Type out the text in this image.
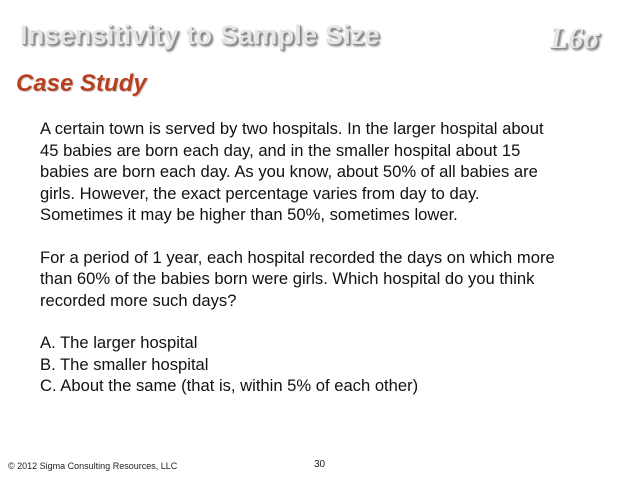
Insensitivity to Sample Size	L6σ
Case Study
A certain town is served by two hospitals. In the larger hospital about
45 babies are born each day, and in the smaller hospital about 15
babies are born each day. As you know, about 50% of all babies are
girls. However, the exact percentage varies from day to day.
Sometimes it may be higher than 50%, sometimes lower.
For a period of 1 year, each hospital recorded the days on which more
than 60% of the babies born were girls. Which hospital do you think
recorded more such days?
A. The larger hospital
B. The smaller hospital
C. About the same (that is, within 5% of each other)
© 2012 Sigma Consulting Resources, LLC	30
